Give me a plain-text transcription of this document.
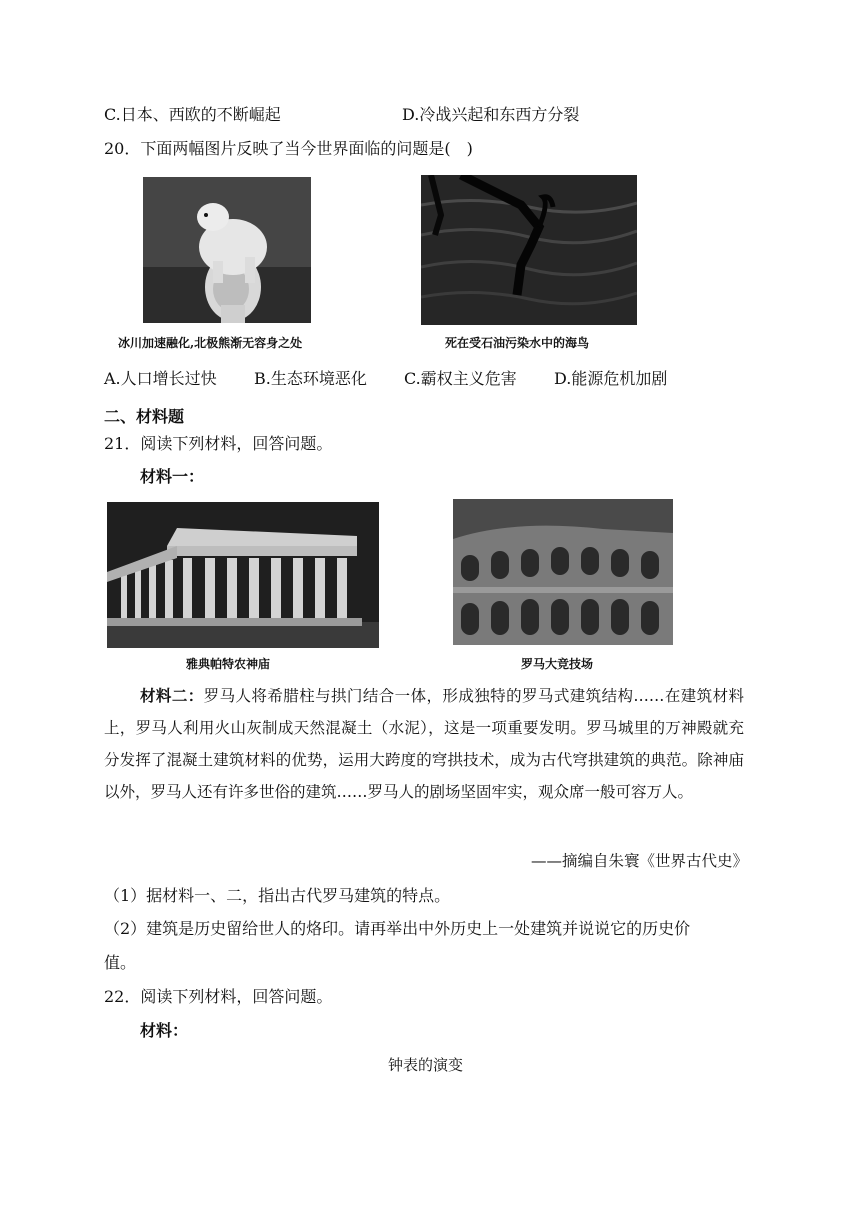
C.日本、西欧的不断崛起	D.冷战兴起和东西方分裂
20．下面两幅图片反映了当今世界面临的问题是(　)
冰川加速融化,北极熊渐无容身之处	死在受石油污染水中的海鸟
A.人口增长过快 B.生态环境恶化 C.霸权主义危害 D.能源危机加剧
二、材料题
21．阅读下列材料，回答问题。
材料一：
雅典帕特农神庙	罗马大竞技场
材料二：罗马人将希腊柱与拱门结合一体，形成独特的罗马式建筑结构……在建筑材料上，罗马人利用火山灰制成天然混凝土（水泥），这是一项重要发明。罗马城里的万神殿就充分发挥了混凝土建筑材料的优势，运用大跨度的穹拱技术，成为古代穹拱建筑的典范。除神庙以外，罗马人还有许多世俗的建筑……罗马人的剧场坚固牢实，观众席一般可容万人。
——摘编自朱寰《世界古代史》
（1）据材料一、二，指出古代罗马建筑的特点。
（2）建筑是历史留给世人的烙印。请再举出中外历史上一处建筑并说说它的历史价
值。
22．阅读下列材料，回答问题。
材料：
钟表的演变
